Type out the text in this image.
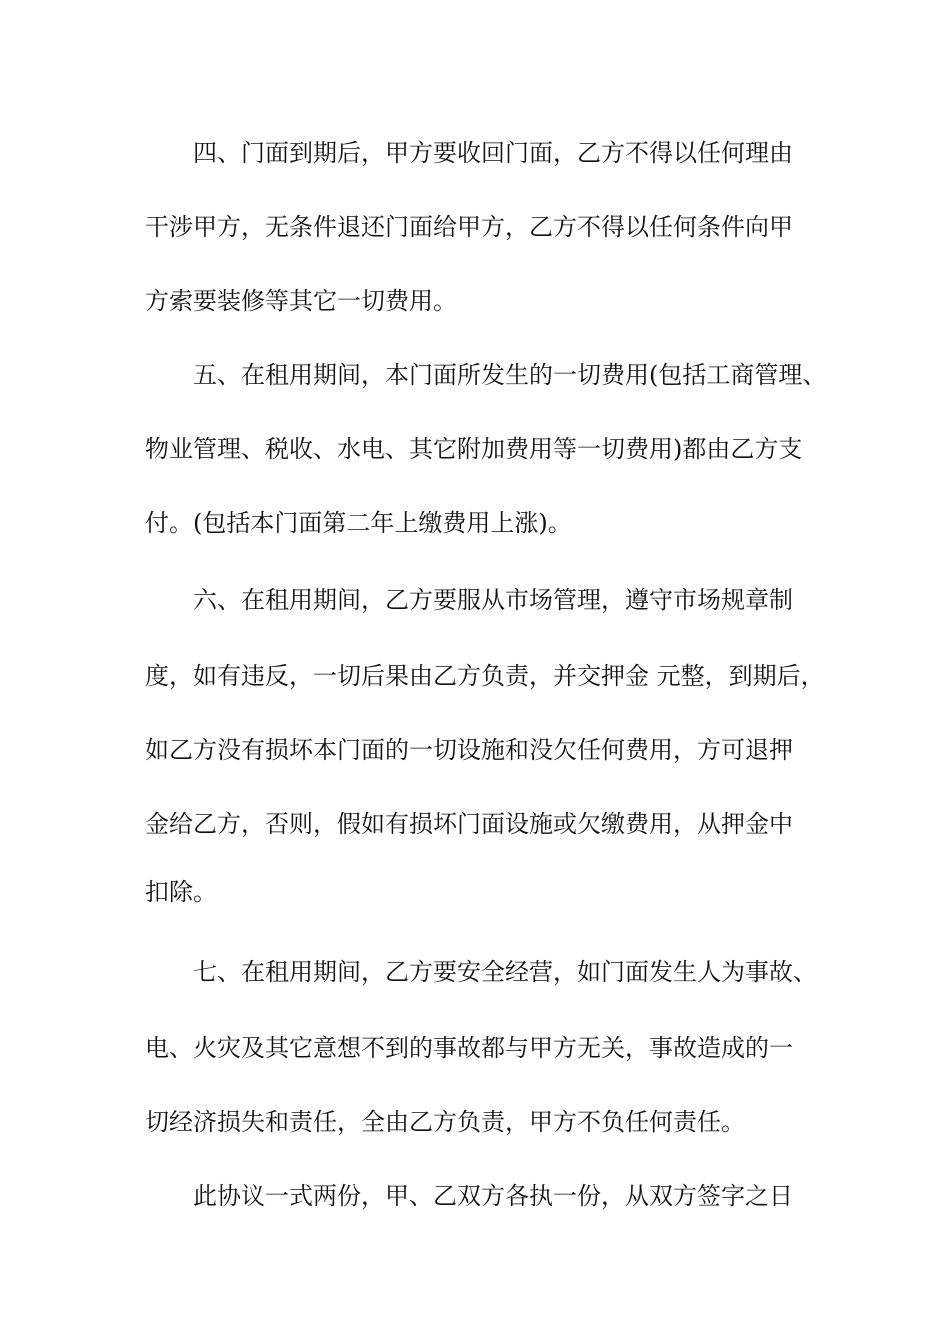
四、门面到期后，甲方要收回门面，乙方不得以任何理由
干涉甲方，无条件退还门面给甲方，乙方不得以任何条件向甲
方索要装修等其它一切费用。
五、在租用期间，本门面所发生的一切费用(包括工商管理、
物业管理、税收、水电、其它附加费用等一切费用)都由乙方支
付。(包括本门面第二年上缴费用上涨)。
六、在租用期间，乙方要服从市场管理，遵守市场规章制
度，如有违反，一切后果由乙方负责，并交押金 元整，到期后，
如乙方没有损坏本门面的一切设施和没欠任何费用，方可退押
金给乙方，否则，假如有损坏门面设施或欠缴费用，从押金中
扣除。
七、在租用期间，乙方要安全经营，如门面发生人为事故、
电、火灾及其它意想不到的事故都与甲方无关，事故造成的一
切经济损失和责任，全由乙方负责，甲方不负任何责任。
此协议一式两份，甲、乙双方各执一份，从双方签字之日
